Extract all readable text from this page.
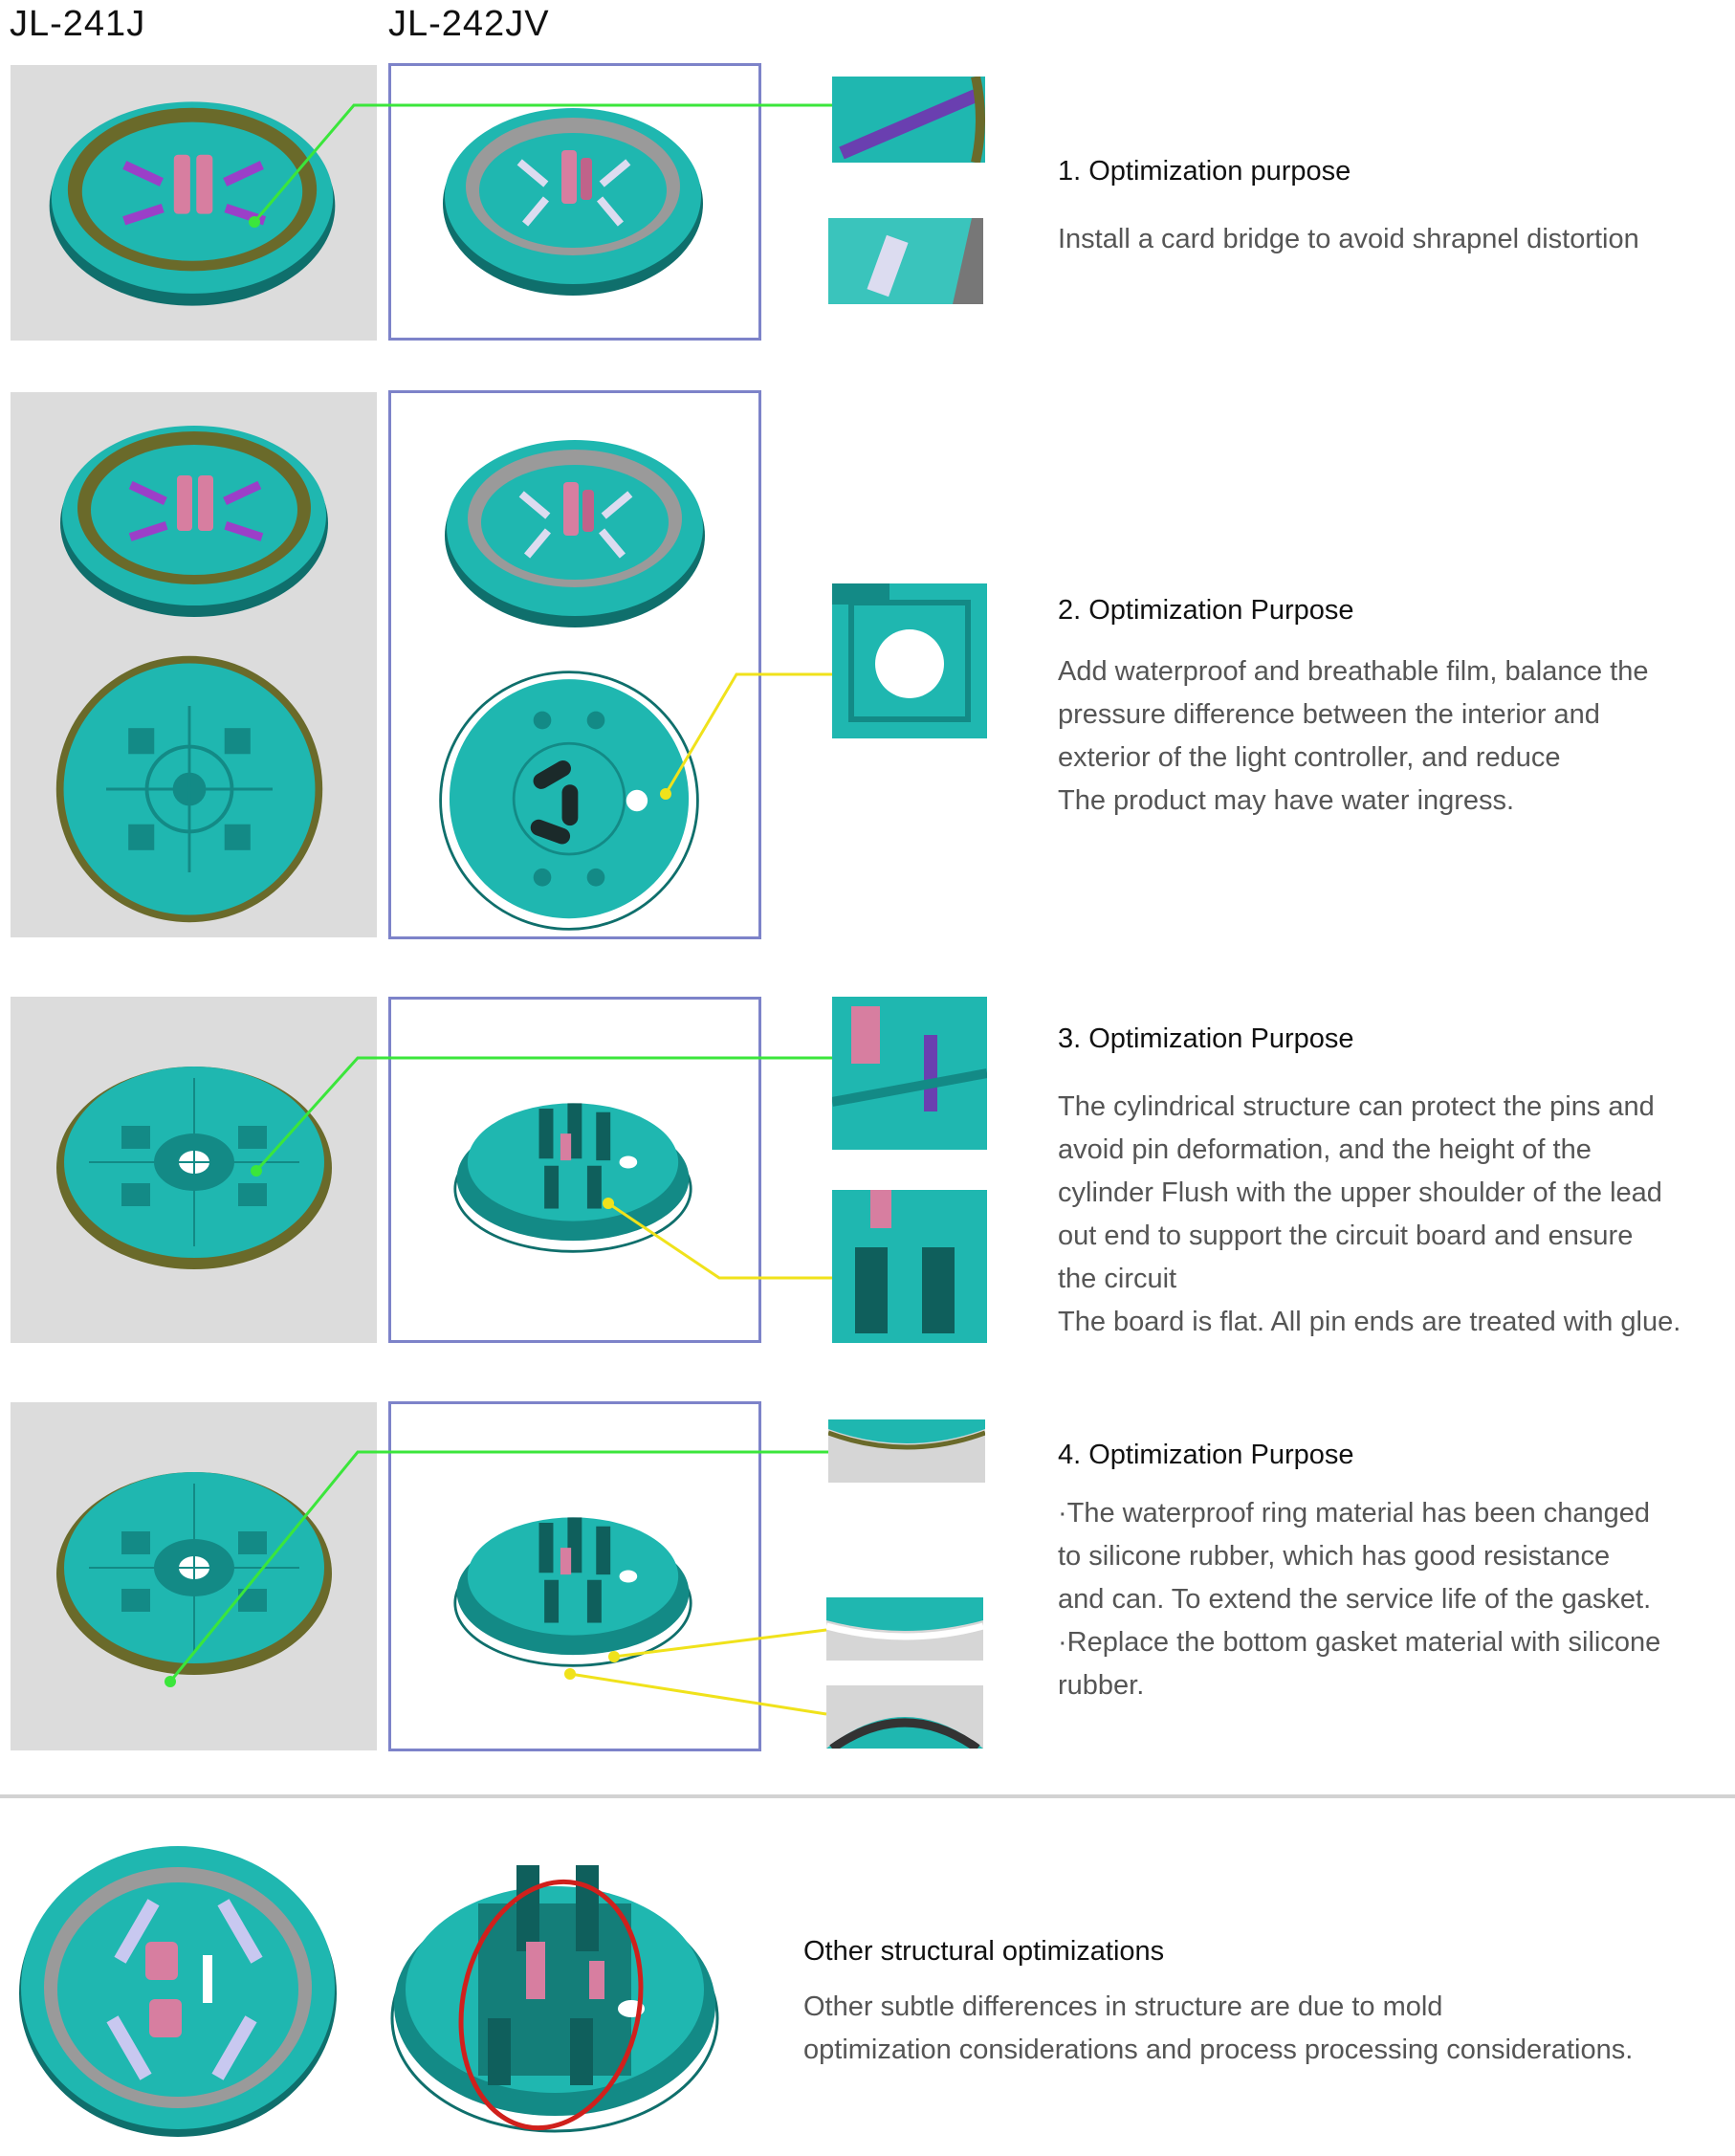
JL-241J	JL-242JV
1. Optimization purpose
Install a card bridge to avoid shrapnel distortion
2. Optimization Purpose
Add waterproof and breathable film, balance the
pressure difference between the interior and
exterior of the light controller, and reduce
The product may have water ingress.
3. Optimization Purpose
The cylindrical structure can protect the pins and
avoid pin deformation, and the height of the
cylinder Flush with the upper shoulder of the lead
out end to support the circuit board and ensure
the circuit
The board is flat. All pin ends are treated with glue.
4. Optimization Purpose
·The waterproof ring material has been changed
to silicone rubber, which has good resistance
and can. To extend the service life of the gasket.
·Replace the bottom gasket material with silicone
rubber.
Other structural optimizations
Other subtle differences in structure are due to mold
optimization considerations and process processing considerations.
